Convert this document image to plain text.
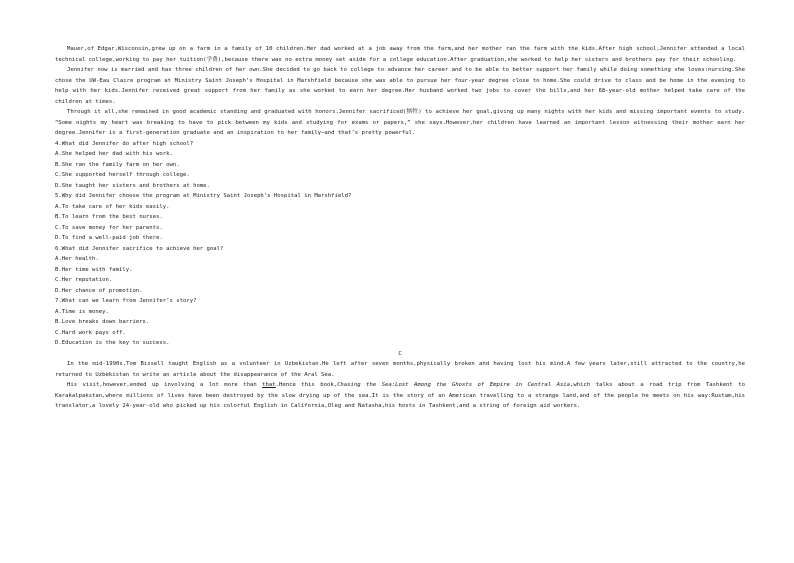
Mauer,of Edgar,Wisconsin,grew up on a farm in a family of 10 children.Her dad worked at a job away from the farm,and her mother ran the farm with the kids.After high school,Jennifer attended a local technical college,working to pay her tuition(学费),because there was no extra money set aside for a college education.After graduation,she worked to help her sisters and brothers pay for their schooling.

Jennifer now is married and has three children of her own.She decided to go back to college to advance her career and to be able to better support her family while doing something she loves:nursing.She chose the UW-Eau Claire program at Ministry Saint Joseph’s Hospital in Marshfield because she was able to pursue her four-year degree close to home.She could drive to class and be home in the evening to help with her kids.Jennifer received great support from her family as she worked to earn her degree.Her husband worked two jobs to cover the bills,and her 68-year-old mother helped take care of the children at times.

Through it all,she remained in good academic standing and graduated with honors.Jennifer sacrificed(牺牲) to achieve her goal,giving up many nights with her kids and missing important events to study. “Some nights my heart was breaking to have to pick between my kids and studying for exams or papers,” she says.However,her children have learned an important lesson witnessing their mother earn her degree.Jennifer is a first-generation graduate and an inspiration to her family—and that’s pretty powerful.

4.What did Jennifer do after high school?

A.She helped her dad with his work.

B.She ran the family farm on her own.

C.She supported herself through college.

D.She taught her sisters and brothers at home.

5.Why did Jennifer choose the program at Ministry Saint Joseph’s Hospital in Marshfield?

A.To take care of her kids easily.

B.To learn from the best nurses.

C.To save money for her parents.

D.To find a well-paid job there.

6.What did Jennifer sacrifice to achieve her goal?

A.Her health.

B.Her time with family.

C.Her reputation.

D.Her chance of promotion.

7.What can we learn from Jennifer’s story?

A.Time is money.

B.Love breaks down barriers.

C.Hard work pays off.

D.Education is the key to success.

C

In the mid-1990s,Tom Bissell taught English as a volunteer in Uzbekistan.He left after seven months,physically broken and having lost his mind.A few years later,still attracted to the country,he returned to Uzbekistan to write an article about the disappearance of the Aral Sea.

His visit,however,ended up involving a lot more than that.Hence this book,Chasing the Sea:Lost Among the Ghosts of Empire in Central Asia,which talks about a road trip from Tashkent to Karakalpakstan,where millions of lives have been destroyed by the slow drying up of the sea.It is the story of an American travelling to a strange land,and of the people he meets on his way:Rustam,his translator,a lovely 24-year-old who picked up his colorful English in California,Oleg and Natasha,his hosts in Tashkent,and a string of foreign aid workers.
